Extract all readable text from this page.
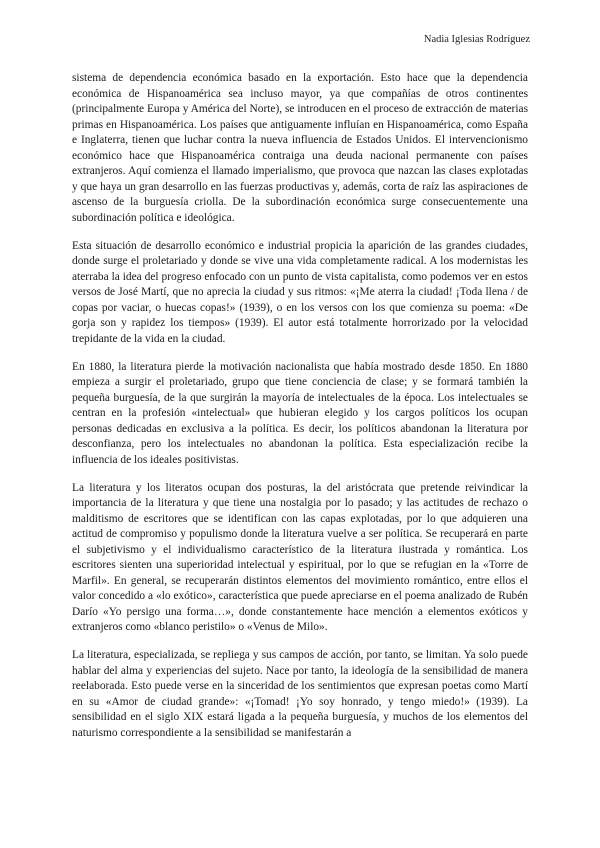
Nadia Iglesias Rodríguez

sistema de dependencia económica basado en la exportación. Esto hace que la dependencia económica de Hispanoamérica sea incluso mayor, ya que compañías de otros continentes (principalmente Europa y América del Norte), se introducen en el proceso de extracción de materias primas en Hispanoamérica. Los países que antiguamente influían en Hispanoamérica, como España e Inglaterra, tienen que luchar contra la nueva influencia de Estados Unidos. El intervencionismo económico hace que Hispanoamérica contraiga una deuda nacional permanente con países extranjeros. Aquí comienza el llamado imperialismo, que provoca que nazcan las clases explotadas y que haya un gran desarrollo en las fuerzas productivas y, además, corta de raíz las aspiraciones de ascenso de la burguesía criolla. De la subordinación económica surge consecuentemente una subordinación política e ideológica.

Esta situación de desarrollo económico e industrial propicia la aparición de las grandes ciudades, donde surge el proletariado y donde se vive una vida completamente radical. A los modernistas les aterraba la idea del progreso enfocado con un punto de vista capitalista, como podemos ver en estos versos de José Martí, que no aprecia la ciudad y sus ritmos: «¡Me aterra la ciudad! ¡Toda llena / de copas por vaciar, o huecas copas!» (1939), o en los versos con los que comienza su poema: «De gorja son y rapidez los tiempos» (1939). El autor está totalmente horrorizado por la velocidad trepidante de la vida en la ciudad.

En 1880, la literatura pierde la motivación nacionalista que había mostrado desde 1850. En 1880 empieza a surgir el proletariado, grupo que tiene conciencia de clase; y se formará también la pequeña burguesía, de la que surgirán la mayoría de intelectuales de la época. Los intelectuales se centran en la profesión «intelectual» que hubieran elegido y los cargos políticos los ocupan personas dedicadas en exclusiva a la política. Es decir, los políticos abandonan la literatura por desconfianza, pero los intelectuales no abandonan la política. Esta especialización recibe la influencia de los ideales positivistas.

La literatura y los literatos ocupan dos posturas, la del aristócrata que pretende reivindicar la importancia de la literatura y que tiene una nostalgia por lo pasado; y las actitudes de rechazo o malditismo de escritores que se identifican con las capas explotadas, por lo que adquieren una actitud de compromiso y populismo donde la literatura vuelve a ser política. Se recuperará en parte el subjetivismo y el individualismo característico de la literatura ilustrada y romántica. Los escritores sienten una superioridad intelectual y espiritual, por lo que se refugian en la «Torre de Marfil». En general, se recuperarán distintos elementos del movimiento romántico, entre ellos el valor concedido a «lo exótico», característica que puede apreciarse en el poema analizado de Rubén Darío «Yo persigo una forma…», donde constantemente hace mención a elementos exóticos y extranjeros como «blanco peristilo» o «Venus de Milo».

La literatura, especializada, se repliega y sus campos de acción, por tanto, se limitan. Ya solo puede hablar del alma y experiencias del sujeto. Nace por tanto, la ideología de la sensibilidad de manera reelaborada. Esto puede verse en la sinceridad de los sentimientos que expresan poetas como Martí en su «Amor de ciudad grande»: «¡Tomad! ¡Yo soy honrado, y tengo miedo!» (1939). La sensibilidad en el siglo XIX estará ligada a la pequeña burguesía, y muchos de los elementos del naturismo correspondiente a la sensibilidad se manifestarán a
